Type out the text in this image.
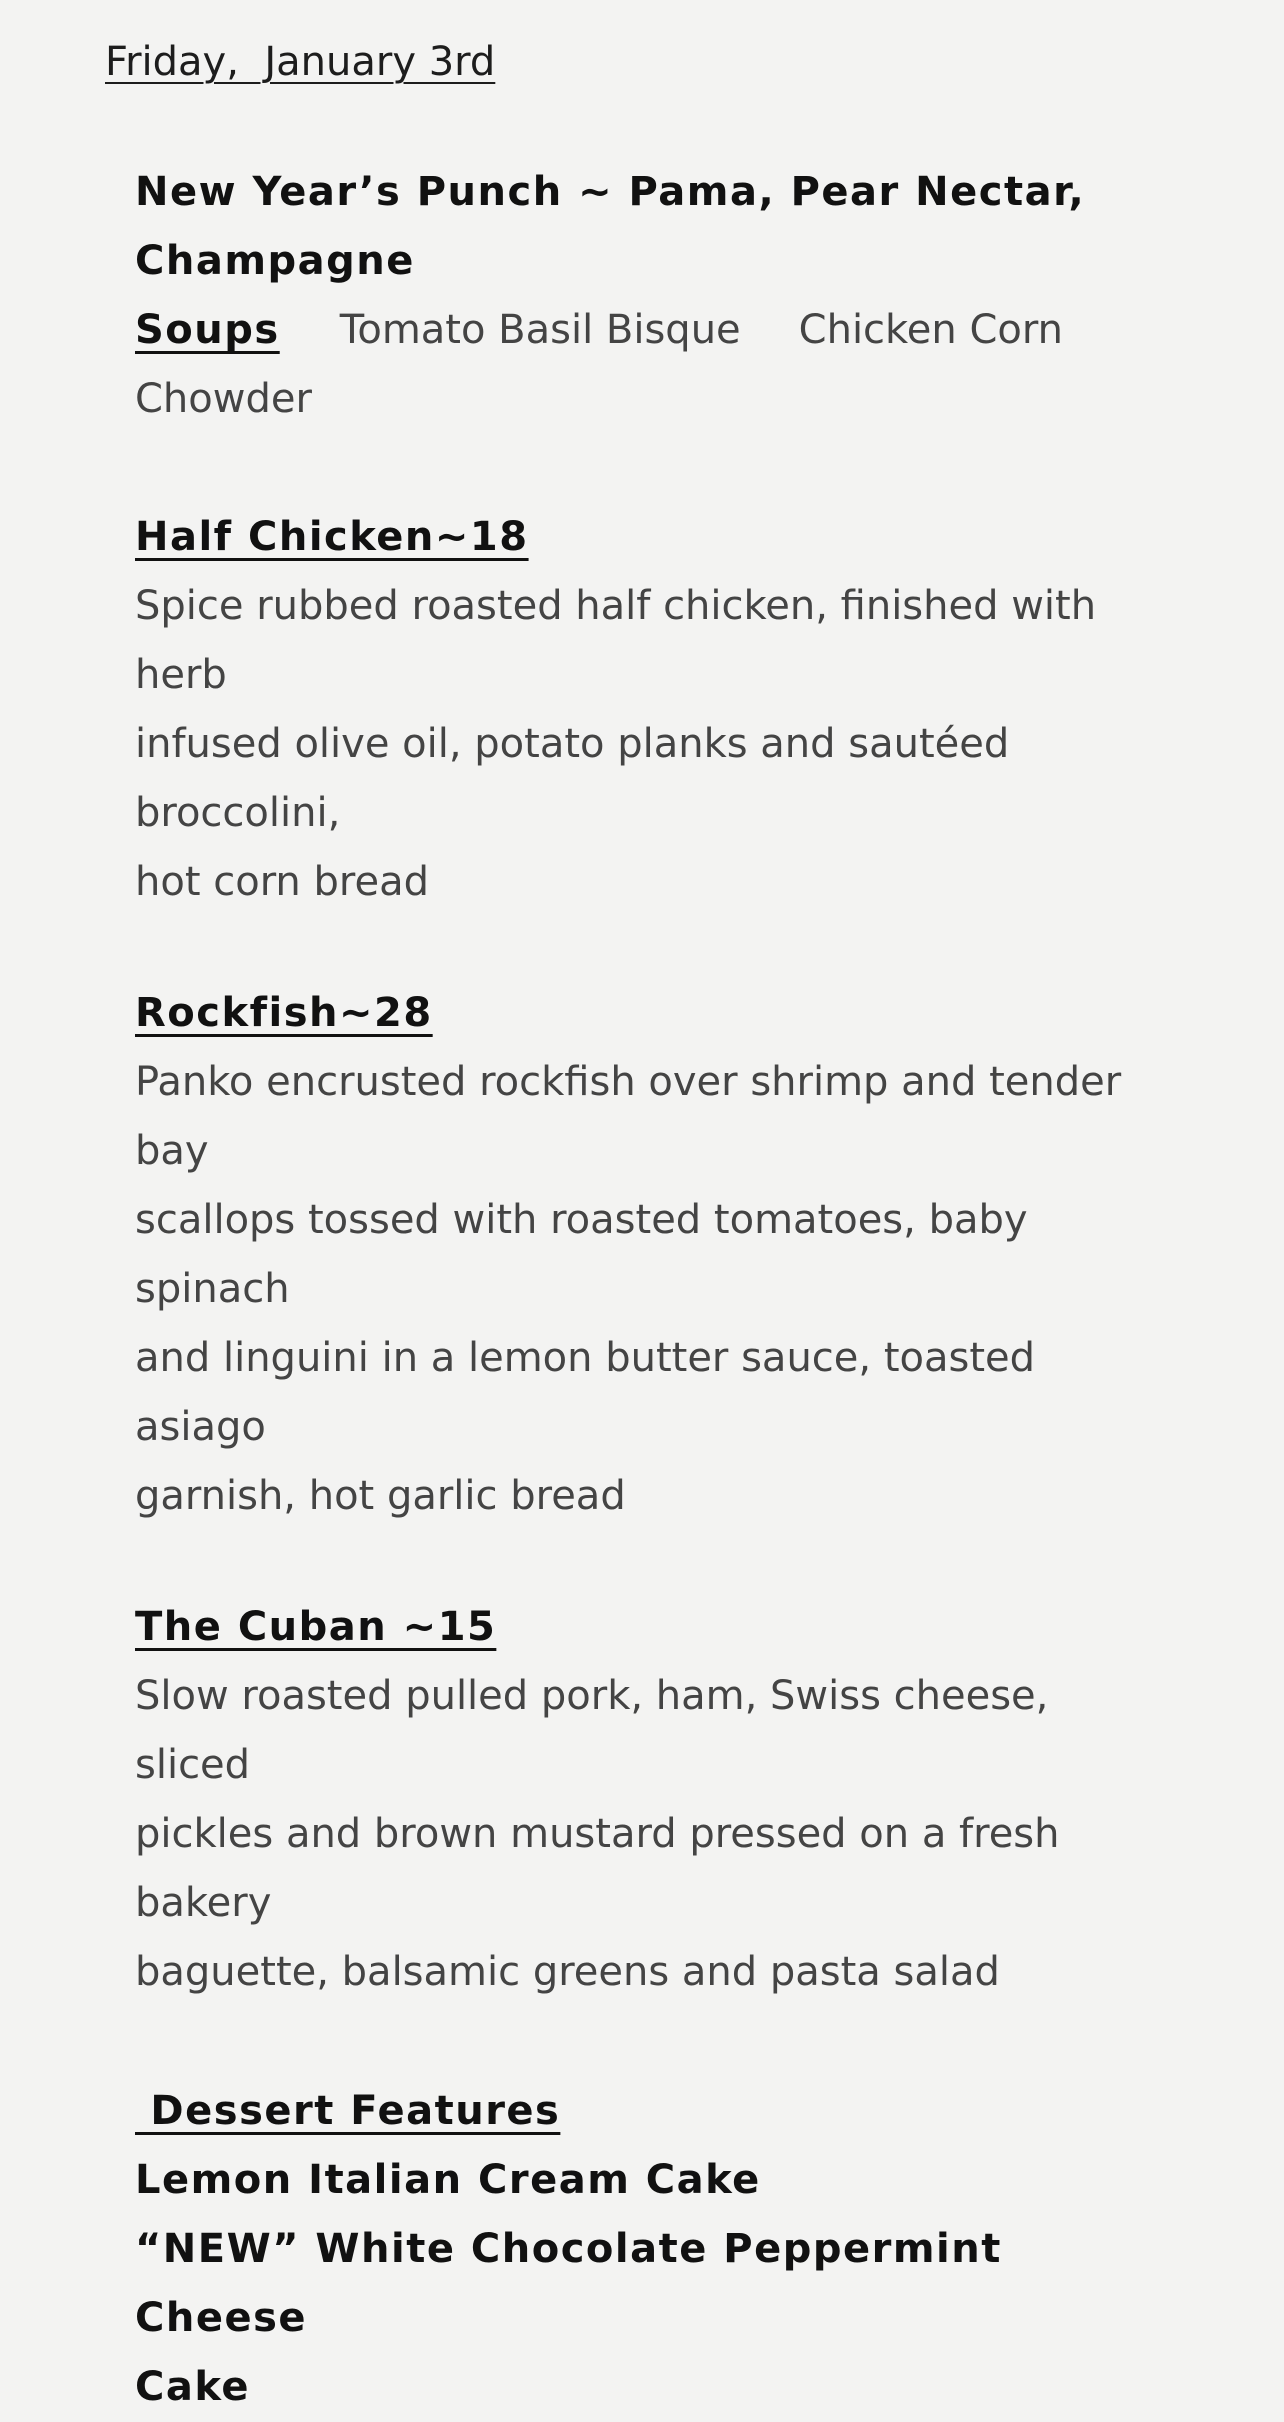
Friday,  January 3rd
New Year’s Punch ~ Pama, Pear Nectar,
Champagne
Soups Tomato Basil Bisque Chicken Corn
Chowder
Half Chicken~18
Spice rubbed roasted half chicken, finished with herb
infused olive oil, potato planks and sautéed
broccolini,
hot corn bread
Rockfish~28
Panko encrusted rockfish over shrimp and tender bay
scallops tossed with roasted tomatoes, baby spinach
and linguini in a lemon butter sauce, toasted asiago
garnish, hot garlic bread
The Cuban ~15
Slow roasted pulled pork, ham, Swiss cheese, sliced
pickles and brown mustard pressed on a fresh bakery
baguette, balsamic greens and pasta salad
Dessert Features
Lemon Italian Cream Cake
“NEW” White Chocolate Peppermint Cheese
Cake
